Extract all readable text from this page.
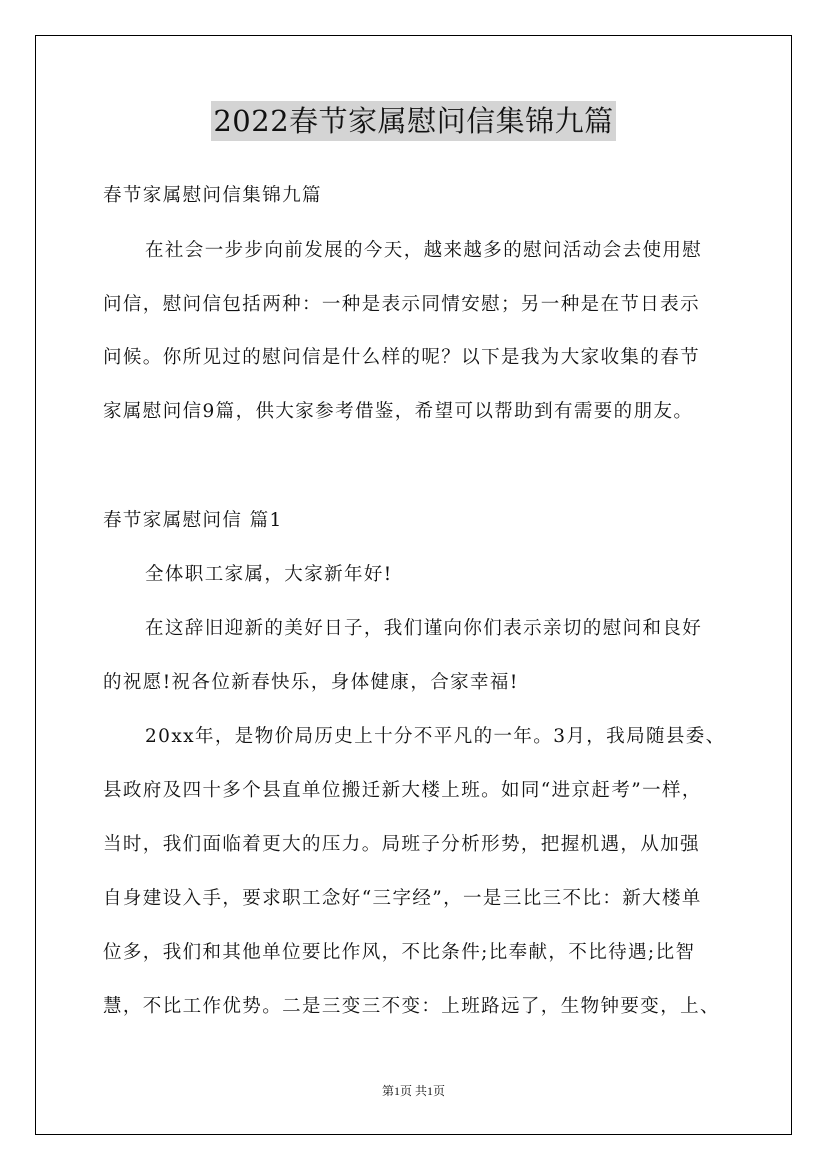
2022春节家属慰问信集锦九篇
春节家属慰问信集锦九篇
在社会一步步向前发展的今天，越来越多的慰问活动会去使用慰
问信，慰问信包括两种：一种是表示同情安慰；另一种是在节日表示
问候。你所见过的慰问信是什么样的呢？以下是我为大家收集的春节
家属慰问信9篇，供大家参考借鉴，希望可以帮助到有需要的朋友。
春节家属慰问信 篇1
全体职工家属，大家新年好!
在这辞旧迎新的美好日子，我们谨向你们表示亲切的慰问和良好
的祝愿!祝各位新春快乐，身体健康，合家幸福!
20xx年，是物价局历史上十分不平凡的一年。3月，我局随县委、
县政府及四十多个县直单位搬迁新大楼上班。如同“进京赶考”一样，
当时，我们面临着更大的压力。局班子分析形势，把握机遇，从加强
自身建设入手，要求职工念好“三字经”，一是三比三不比：新大楼单
位多，我们和其他单位要比作风，不比条件;比奉献，不比待遇;比智
慧，不比工作优势。二是三变三不变：上班路远了，生物钟要变，上、
第1页 共1页
